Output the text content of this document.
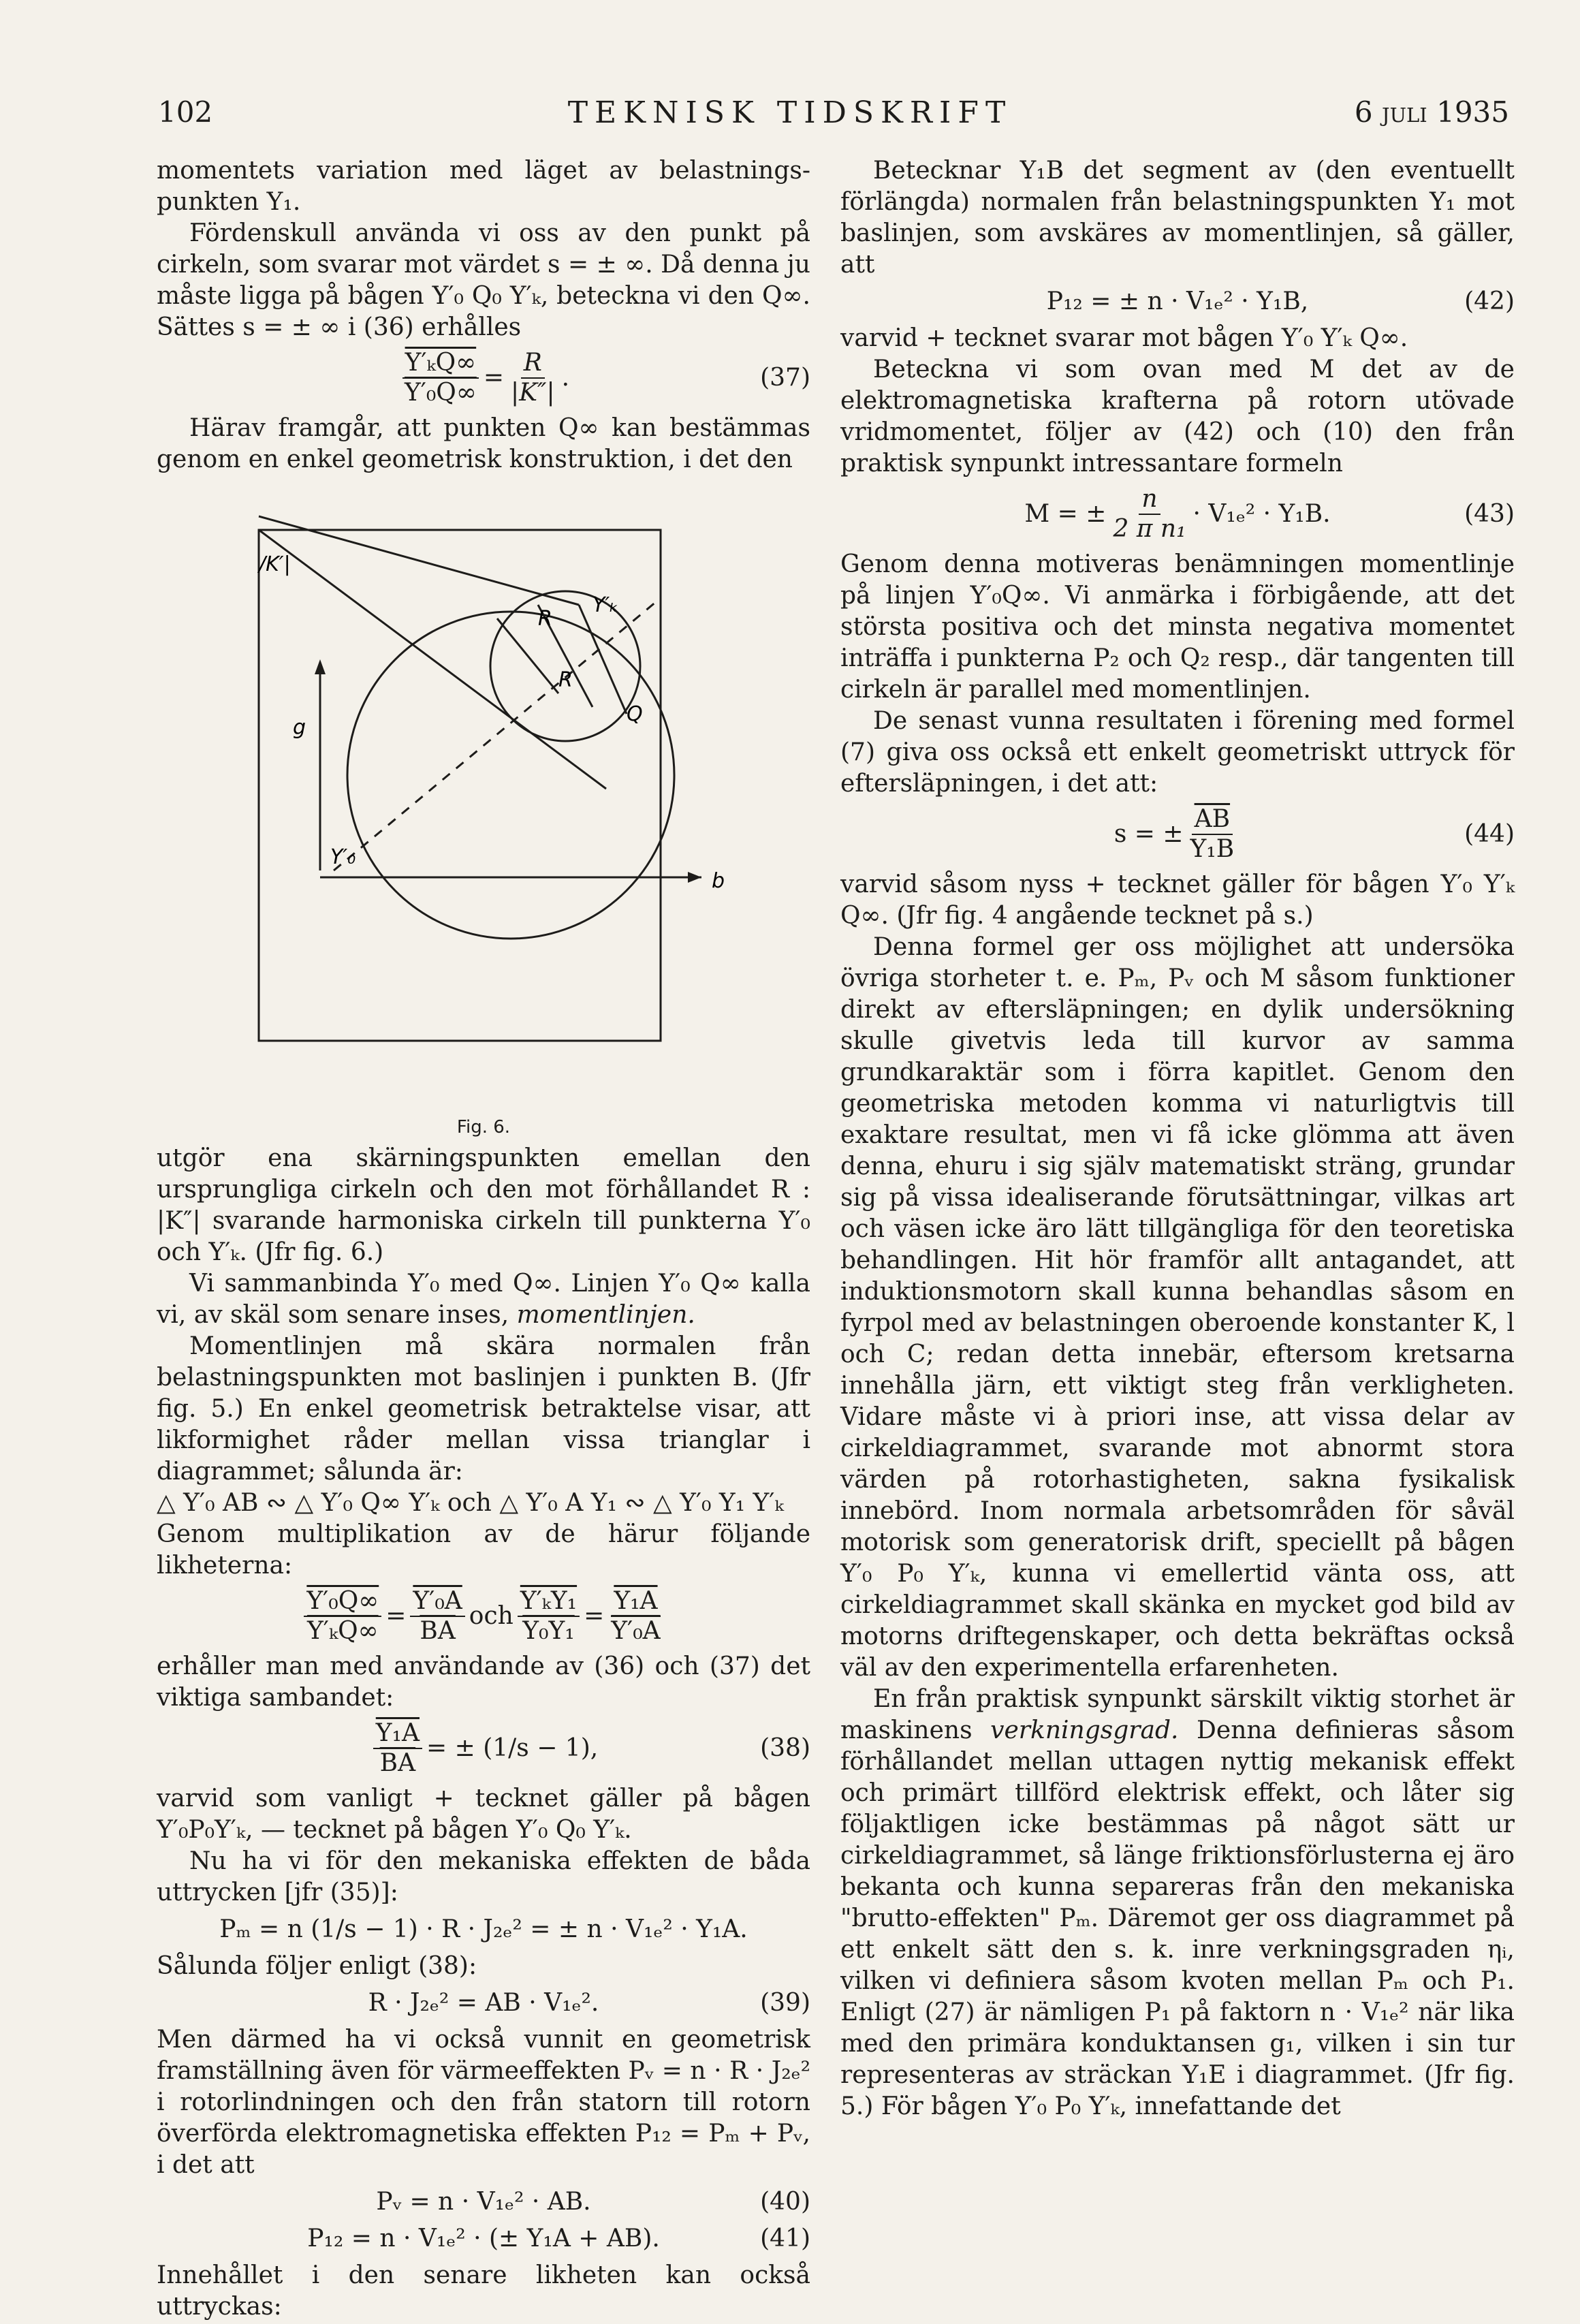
102	TEKNISK TIDSKRIFT	6 juli 1935

momentets variation med läget av belastnings-punkten Y₁.

Fördenskull använda vi oss av den punkt på cirkeln, som svarar mot värdet s = ± ∞. Då denna ju måste ligga på bågen Y′₀ Q₀ Y′ₖ, beteckna vi den Q∞. Sättes s = ± ∞ i (36) erhålles

$\frac{\text{Y′ₖQ∞}}{\text{Y′₀Q∞}} = \frac{R}{|K''|}$ .	(37)

Härav framgår, att punkten Q∞ kan bestämmas genom en enkel geometrisk konstruktion, i det den

/K′|
g
Y′₀
b
Q
Y′ₖ
R
R
Fig. 6.

utgör ena skärningspunkten emellan den ursprungliga cirkeln och den mot förhållandet R : |K″| svarande harmoniska cirkeln till punkterna Y′₀ och Y′ₖ. (Jfr fig. 6.)

Vi sammanbinda Y′₀ med Q∞. Linjen Y′₀ Q∞ kalla vi, av skäl som senare inses, momentlinjen.

Momentlinjen må skära normalen från belastningspunkten mot baslinjen i punkten B. (Jfr fig. 5.) En enkel geometrisk betraktelse visar, att likformighet råder mellan vissa trianglar i diagrammet; sålunda är:

△ Y′₀ AB ∾ △ Y′₀ Q∞ Y′ₖ och △ Y′₀ A Y₁ ∾ △ Y′₀ Y₁ Y′ₖ

Genom multiplikation av de härur följande likheterna:

$\frac{\text{Y′₀Q∞}}{\text{Y′ₖQ∞}} = \frac{\text{Y′₀A}}{BA}$ och $\frac{\text{Y′ₖY₁}}{\text{Y₀Y₁}} = \frac{\text{Y₁A}}{\text{Y′₀A}}$

erhåller man med användande av (36) och (37) det viktiga sambandet:

$\frac{\text{Y₁A}}{BA}$ = ± (1/s − 1),	(38)

varvid som vanligt + tecknet gäller på bågen Y′₀P₀Y′ₖ, — tecknet på bågen Y′₀ Q₀ Y′ₖ.

Nu ha vi för den mekaniska effekten de båda uttrycken [jfr (35)]:

Pₘ = n (1/s − 1) · R · J₂ₑ² = ± n · V₁ₑ² · Y₁A.

Sålunda följer enligt (38):

R · J₂ₑ² = AB · V₁ₑ².	(39)

Men därmed ha vi också vunnit en geometrisk framställning även för värmeeffekten Pᵥ = n · R · J₂ₑ² i rotorlindningen och den från statorn till rotorn överförda elektromagnetiska effekten P₁₂ = Pₘ + Pᵥ, i det att

Pᵥ = n · V₁ₑ² · AB.	(40)
P₁₂ = n · V₁ₑ² · (± Y₁A + AB).	(41)

Innehållet i den senare likheten kan också uttryckas:

Betecknar Y₁B det segment av (den eventuellt förlängda) normalen från belastningspunkten Y₁ mot baslinjen, som avskäres av momentlinjen, så gäller, att

P₁₂ = ± n · V₁ₑ² · Y₁B,	(42)

varvid + tecknet svarar mot bågen Y′₀ Y′ₖ Q∞.

Beteckna vi som ovan med M det av de elektromagnetiska krafterna på rotorn utövade vridmomentet, följer av (42) och (10) den från praktisk synpunkt intressantare formeln

M = ± $\frac{n}{\text{2 π n₁}} \cdot V_{1e}^2 \cdot Y_1B$.	(43)

Genom denna motiveras benämningen momentlinje på linjen Y′₀Q∞. Vi anmärka i förbigående, att det största positiva och det minsta negativa momentet inträffa i punkterna P₂ och Q₂ resp., där tangenten till cirkeln är parallel med momentlinjen.

De senast vunna resultaten i förening med formel (7) giva oss också ett enkelt geometriskt uttryck för eftersläpningen, i det att:

s = ± $\frac{\overline{AB}}{\text{Y₁B}}$	(44)

varvid såsom nyss + tecknet gäller för bågen Y′₀ Y′ₖ Q∞. (Jfr fig. 4 angående tecknet på s.)

Denna formel ger oss möjlighet att undersöka övriga storheter t. e. Pₘ, Pᵥ och M såsom funktioner direkt av eftersläpningen; en dylik undersökning skulle givetvis leda till kurvor av samma grundkaraktär som i förra kapitlet. Genom den geometriska metoden komma vi naturligtvis till exaktare resultat, men vi få icke glömma att även denna, ehuru i sig själv matematiskt sträng, grundar sig på vissa idealiserande förutsättningar, vilkas art och väsen icke äro lätt tillgängliga för den teoretiska behandlingen. Hit hör framför allt antagandet, att induktionsmotorn skall kunna behandlas såsom en fyrpol med av belastningen oberoende konstanter K, l och C; redan detta innebär, eftersom kretsarna innehålla järn, ett viktigt steg från verkligheten. Vidare måste vi à priori inse, att vissa delar av cirkeldiagrammet, svarande mot abnormt stora värden på rotorhastigheten, sakna fysikalisk innebörd. Inom normala arbetsområden för såväl motorisk som generatorisk drift, speciellt på bågen Y′₀ P₀ Y′ₖ, kunna vi emellertid vänta oss, att cirkeldiagrammet skall skänka en mycket god bild av motorns driftegenskaper, och detta bekräftas också väl av den experimentella erfarenheten.

En från praktisk synpunkt särskilt viktig storhet är maskinens verkningsgrad. Denna definieras såsom förhållandet mellan uttagen nyttig mekanisk effekt och primärt tillförd elektrisk effekt, och låter sig följaktligen icke bestämmas på något sätt ur cirkeldiagrammet, så länge friktionsförlusterna ej äro bekanta och kunna separeras från den mekaniska "brutto-effekten" Pₘ. Däremot ger oss diagrammet på ett enkelt sätt den s. k. inre verkningsgraden ηᵢ, vilken vi definiera såsom kvoten mellan Pₘ och P₁. Enligt (27) är nämligen P₁ på faktorn n · V₁ₑ² när lika med den primära konduktansen g₁, vilken i sin tur representeras av sträckan Y₁E i diagrammet. (Jfr fig. 5.) För bågen Y′₀ P₀ Y′ₖ, innefattande det
